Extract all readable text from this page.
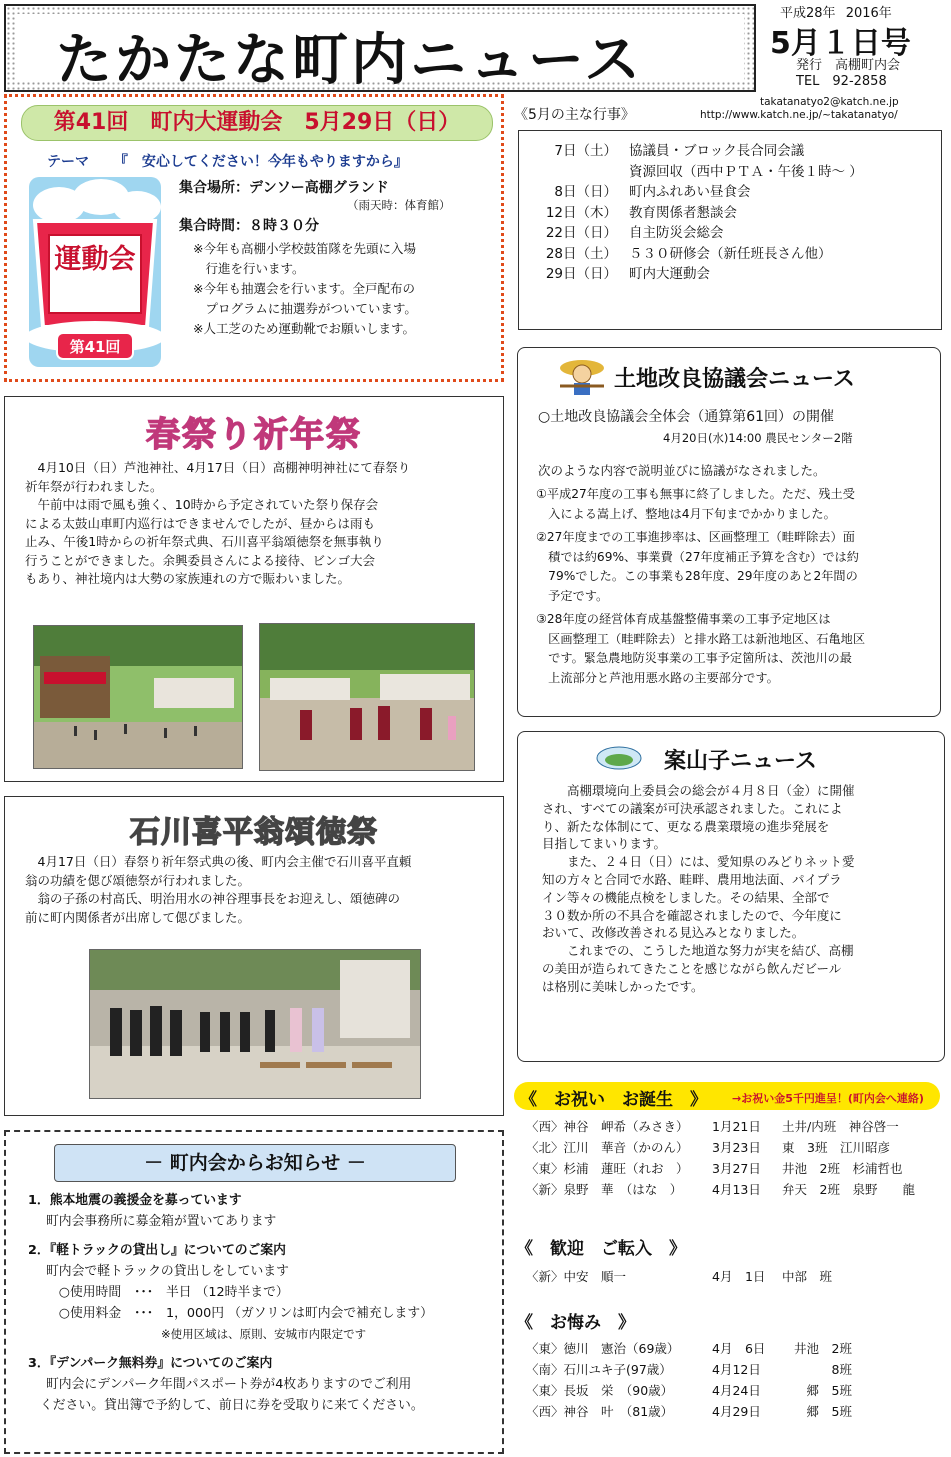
たかたな町内ニュース
平成28年 2016年
5月１日号
発行　高棚町内会
TEL　92-2858
takatanatyo2@katch.ne.jp
http://www.katch.ne.jp/~takatanatyo/
第41回　町内大運動会　5月29日（日）
テーマ 『　安心してください！今年もやりますから』
運動会
第41回
集合場所：デンソー高棚グランド
（雨天時：体育館）
集合時間：８時３０分
※今年も高棚小学校鼓笛隊を先頭に入場
　行進を行います。
※今年も抽選会を行います。全戸配布の
　プログラムに抽選券がついています。
※人工芝のため運動靴でお願いします。
《5月の主な行事》
7日（土） 協議員・ブロック長合同会議
資源回収（西中ＰＴＡ・午後１時～ ）
8日（日） 町内ふれあい昼食会
12日（木） 教育関係者懇談会
22日（日） 自主防災会総会
28日（土） ５３０研修会（新任班長さん他）
29日（日） 町内大運動会
土地改良協議会ニュース
○土地改良協議会全体会（通算第61回）の開催
4月20日(水)14:00 農民センター2階
次のような内容で説明並びに協議がなされました。
①平成27年度の工事も無事に終了しました。ただ、残土受
　入による嵩上げ、整地は4月下旬までかかりました。
②27年度までの工事進捗率は、区画整理工（畦畔除去）面
　積では約69%、事業費（27年度補正予算を含む）では約
　79%でした。この事業も28年度、29年度のあと2年間の
　予定です。
③28年度の経営体育成基盤整備事業の工事予定地区は
　区画整理工（畦畔除去）と排水路工は新池地区、石亀地区
　です。緊急農地防災事業の工事予定箇所は、茨池川の最
　上流部分と芦池用悪水路の主要部分です。
春祭り祈年祭
　4月10日（日）芦池神社、4月17日（日）高棚神明神社にて春祭り
祈年祭が行われました。
　午前中は雨で風も強く、10時から予定されていた祭り保存会
による太鼓山車町内巡行はできませんでしたが、昼からは雨も
止み、午後1時からの祈年祭式典、石川喜平翁頌徳祭を無事執り
行うことができました。余興委員さんによる接待、ビンゴ大会
もあり、神社境内は大勢の家族連れの方で賑わいました。
案山子ニュース
　　高棚環境向上委員会の総会が４月８日（金）に開催
され、すべての議案が可決承認されました。これによ
り、新たな体制にて、更なる農業環境の進歩発展を
目指してまいります。
　　また、２４日（日）には、愛知県のみどりネット愛
知の方々と合同で水路、畦畔、農用地法面、パイプラ
イン等々の機能点検をしました。その結果、全部で
３０数か所の不具合を確認されましたので、今年度に
おいて、改修改善される見込みとなりました。
　　これまでの、こうした地道な努力が実を結び、高棚
の美田が造られてきたことを感じながら飲んだビール
は格別に美味しかったです。
石川喜平翁頌徳祭
　4月17日（日）春祭り祈年祭式典の後、町内会主催で石川喜平直頼
翁の功績を偲び頌徳祭が行われました。
　翁の子孫の村高氏、明治用水の神谷理事長をお迎えし、頌徳碑の
前に町内関係者が出席して偲びました。
《　お祝い　お誕生　》 →お祝い金5千円進呈！(町内会へ連絡)
〈西〉神谷　岬希（みさき）	1月21日	土井/内班　神谷啓一
〈北〉江川　華音（かのん）	3月23日	東　3班　江川昭彦
〈東〉杉浦　蓮旺（れお　）	3月27日	井池　2班　杉浦哲也
〈新〉泉野　華　（はな　）	4月13日	弁天　2班　泉野　　龍
《　歓迎　ご転入　》
〈新〉中安　順一	4月　1日	中部　班
《　お悔み　》
〈東〉徳川　憲治（69歳）	4月　6日	井池　2班
〈南〉石川ユキ子(97歳）	4月12日	8班
〈東〉長坂　栄　（90歳）	4月24日	郷　5班
〈西〉神谷　叶　（81歳）	4月29日	郷　5班
－ 町内会からお知らせ －
1．熊本地震の義援金を募っています
町内会事務所に募金箱が置いてあります
2．『軽トラックの貸出し』についてのご案内
町内会で軽トラックの貸出しをしています
　○使用時間　･･･　半日 （12時半まで）
　○使用料金　･･･　1，000円 （ガソリンは町内会で補充します）
　　　　　　　　　　※使用区域は、原則、安城市内限定です
3．『デンパーク無料券』についてのご案内
町内会にデンパーク年間パスポート券が4枚ありますのでご利用
ください。貸出簿で予約して、前日に券を受取りに来てください。
